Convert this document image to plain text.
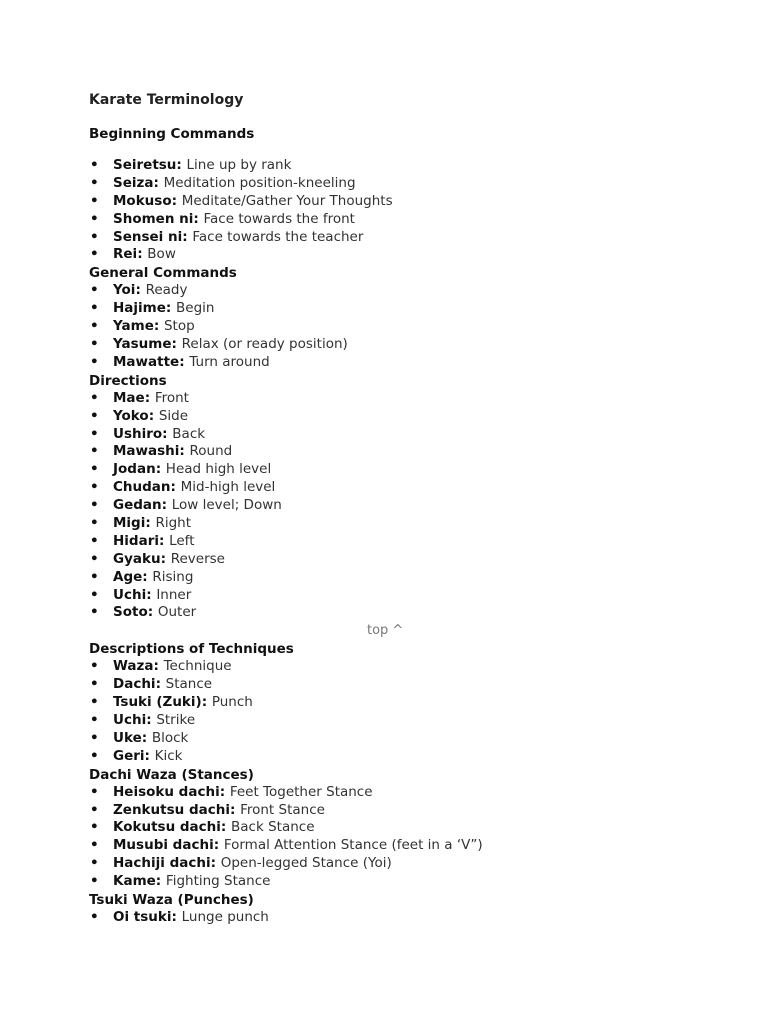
Karate Terminology
Beginning Commands
• Seiretsu: Line up by rank
• Seiza: Meditation position-kneeling
• Mokuso: Meditate/Gather Your Thoughts
• Shomen ni: Face towards the front
• Sensei ni: Face towards the teacher
• Rei: Bow
General Commands
• Yoi: Ready
• Hajime: Begin
• Yame: Stop
• Yasume: Relax (or ready position)
• Mawatte: Turn around
Directions
• Mae: Front
• Yoko: Side
• Ushiro: Back
• Mawashi: Round
• Jodan: Head high level
• Chudan: Mid-high level
• Gedan: Low level; Down
• Migi: Right
• Hidari: Left
• Gyaku: Reverse
• Age: Rising
• Uchi: Inner
• Soto: Outer
top ^
Descriptions of Techniques
• Waza: Technique
• Dachi: Stance
• Tsuki (Zuki): Punch
• Uchi: Strike
• Uke: Block
• Geri: Kick
Dachi Waza (Stances)
• Heisoku dachi: Feet Together Stance
• Zenkutsu dachi: Front Stance
• Kokutsu dachi: Back Stance
• Musubi dachi: Formal Attention Stance (feet in a ‘V”)
• Hachiji dachi: Open-legged Stance (Yoi)
• Kame: Fighting Stance
Tsuki Waza (Punches)
• Oi tsuki: Lunge punch
